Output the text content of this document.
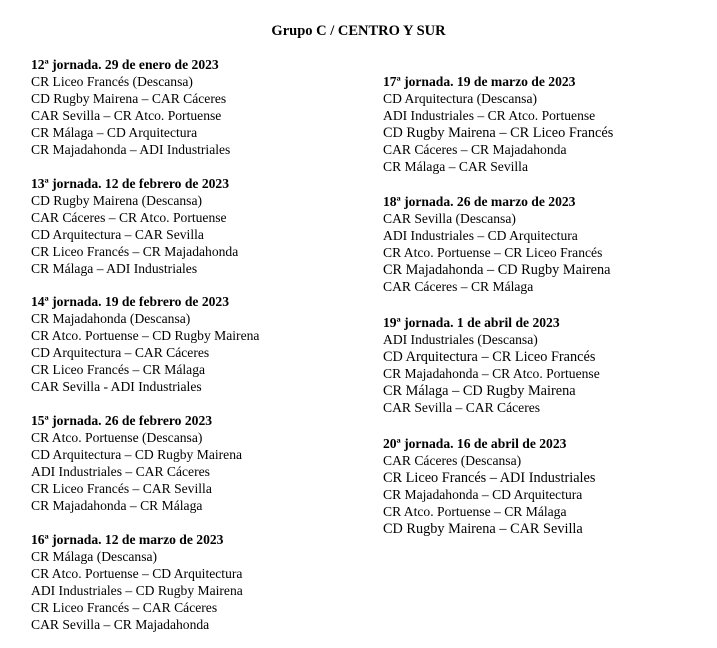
Grupo C / CENTRO Y SUR
12ª jornada. 29 de enero de 2023
CR Liceo Francés (Descansa)
CD Rugby Mairena – CAR Cáceres
CAR Sevilla – CR Atco. Portuense
CR Málaga – CD Arquitectura
CR Majadahonda – ADI Industriales
13ª jornada. 12 de febrero de 2023
CD Rugby Mairena (Descansa)
CAR Cáceres – CR Atco. Portuense
CD Arquitectura – CAR Sevilla
CR Liceo Francés – CR Majadahonda
CR Málaga – ADI Industriales
14ª jornada. 19 de febrero de 2023
CR Majadahonda (Descansa)
CR Atco. Portuense – CD Rugby Mairena
CD Arquitectura – CAR Cáceres
CR Liceo Francés – CR Málaga
CAR Sevilla - ADI Industriales
15ª jornada. 26 de febrero 2023
CR Atco. Portuense (Descansa)
CD Arquitectura – CD Rugby Mairena
ADI Industriales – CAR Cáceres
CR Liceo Francés – CAR Sevilla
CR Majadahonda – CR Málaga
16ª jornada. 12 de marzo de 2023
CR Málaga (Descansa)
CR Atco. Portuense – CD Arquitectura
ADI Industriales – CD Rugby Mairena
CR Liceo Francés – CAR Cáceres
CAR Sevilla – CR Majadahonda
17ª jornada. 19 de marzo de 2023
CD Arquitectura (Descansa)
ADI Industriales – CR Atco. Portuense
CD Rugby Mairena – CR Liceo Francés
CAR Cáceres – CR Majadahonda
CR Málaga – CAR Sevilla
18ª jornada. 26 de marzo de 2023
CAR Sevilla (Descansa)
ADI Industriales – CD Arquitectura
CR Atco. Portuense – CR Liceo Francés
CR Majadahonda – CD Rugby Mairena
CAR Cáceres – CR Málaga
19ª jornada. 1 de abril de 2023
ADI Industriales (Descansa)
CD Arquitectura – CR Liceo Francés
CR Majadahonda – CR Atco. Portuense
CR Málaga – CD Rugby Mairena
CAR Sevilla – CAR Cáceres
20ª jornada. 16 de abril de 2023
CAR Cáceres (Descansa)
CR Liceo Francés – ADI Industriales
CR Majadahonda – CD Arquitectura
CR Atco. Portuense – CR Málaga
CD Rugby Mairena – CAR Sevilla
